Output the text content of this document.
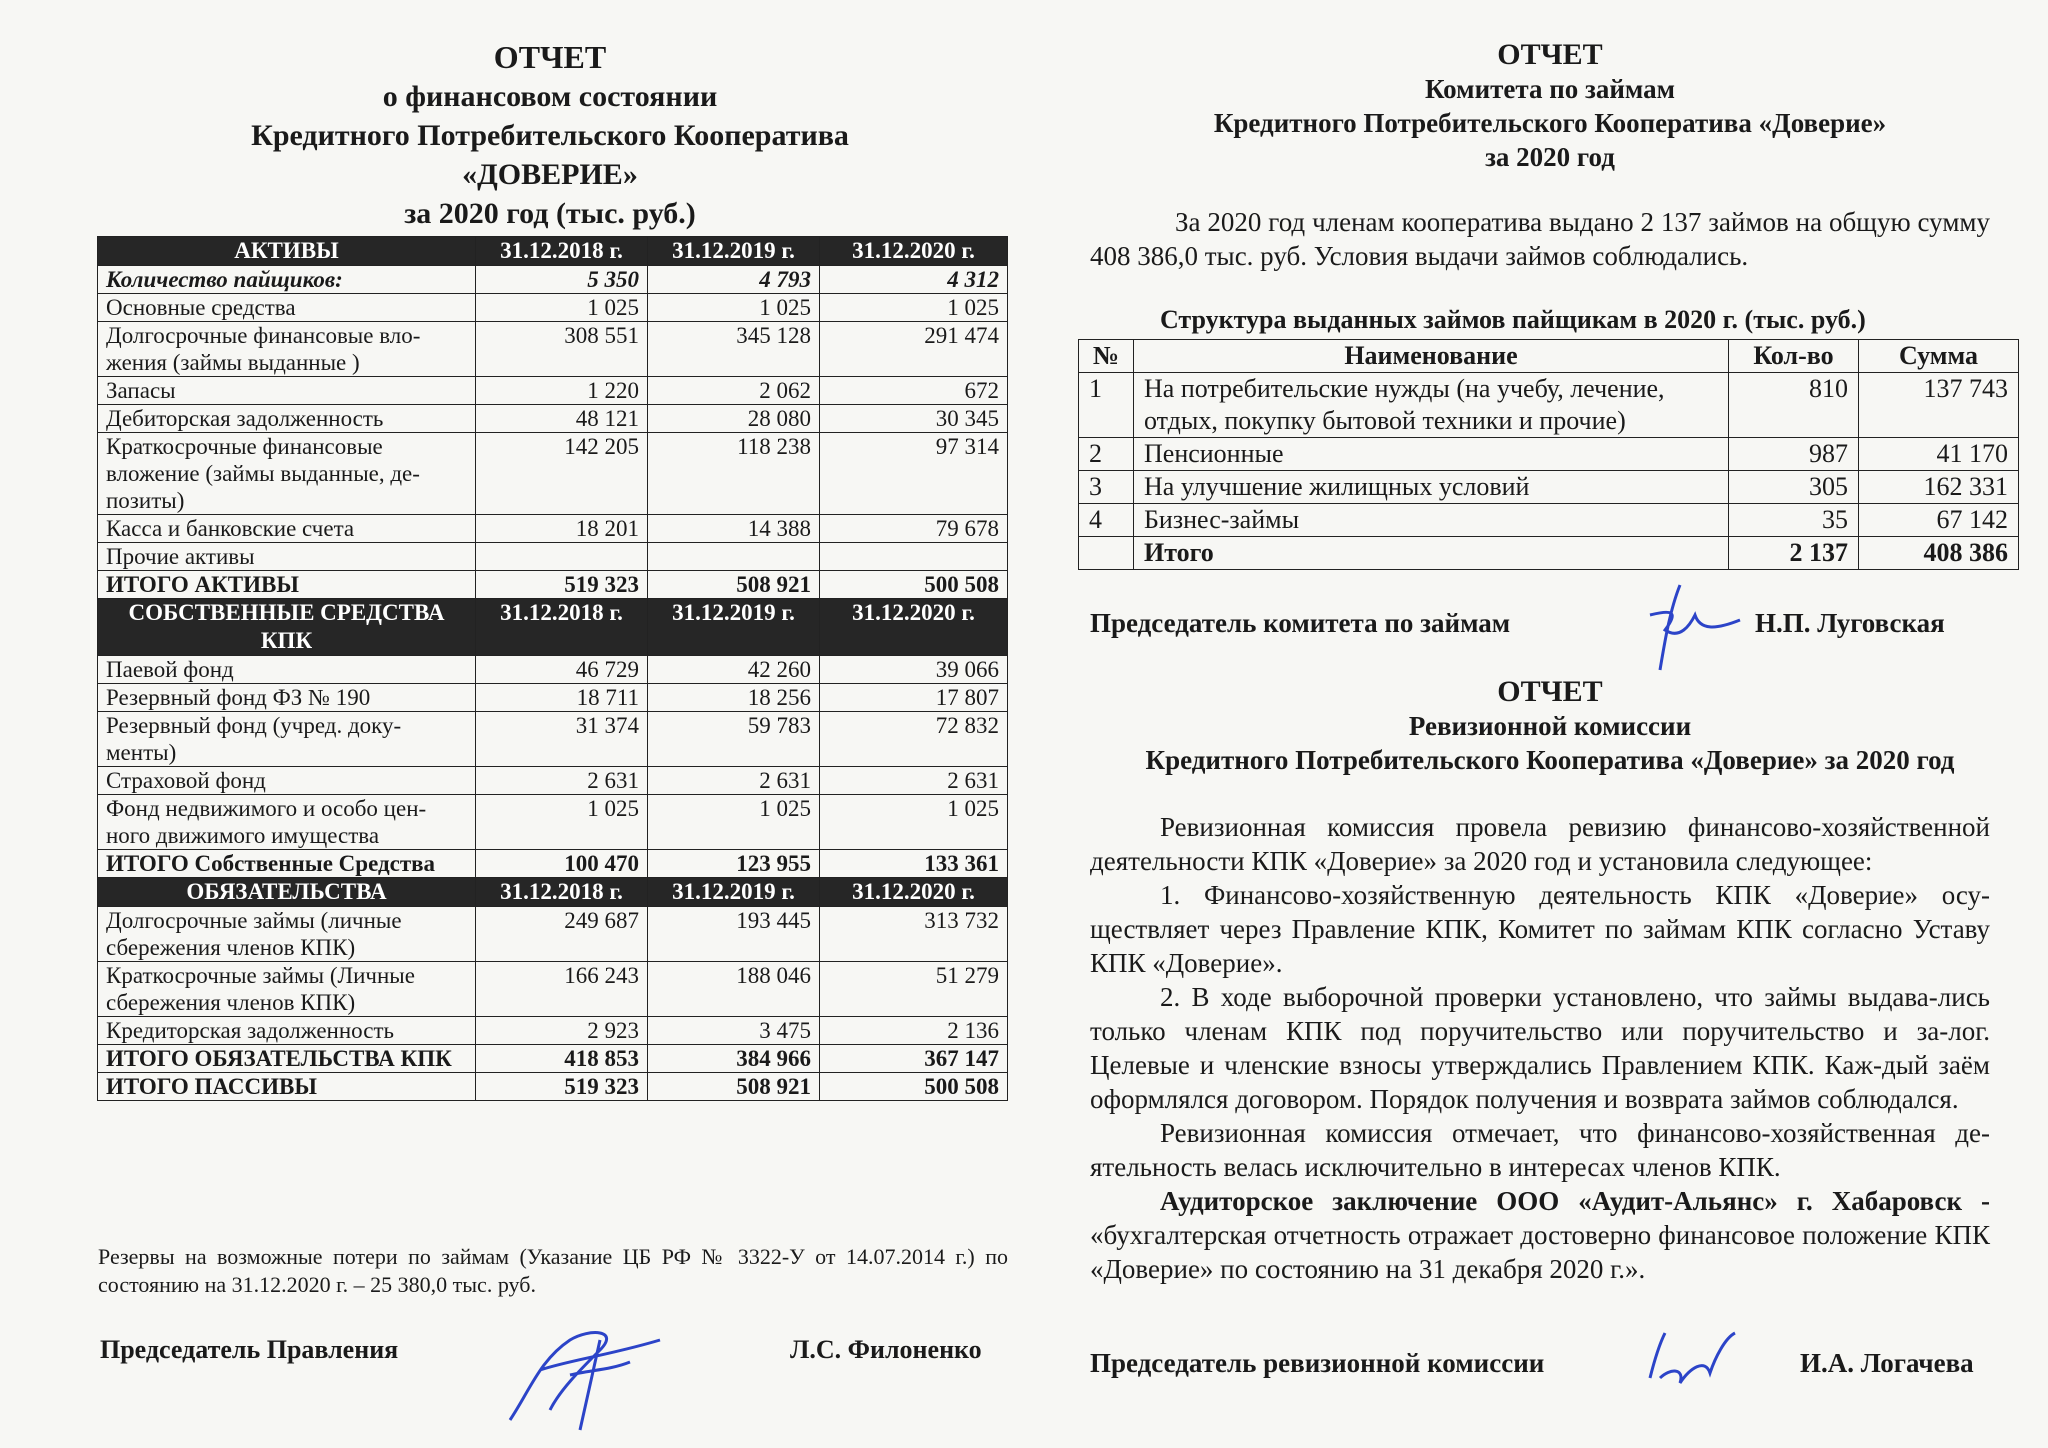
ОТЧЕТ
о финансовом состоянии
Кредитного Потребительского Кооператива
«ДОВЕРИЕ»
за 2020 год (тыс. руб.)
АКТИВЫ	31.12.2018 г.	31.12.2019 г.	31.12.2020 г.
Количество пайщиков:	5 350	4 793	4 312
Основные средства	1 025	1 025	1 025
Долгосрочные финансовые вло-жения (займы выданные )	308 551	345 128	291 474
Запасы	1 220	2 062	672
Дебиторская задолженность	48 121	28 080	30 345
Краткосрочные финансовые вложение (займы выданные, де-позиты)	142 205	118 238	97 314
Касса и банковские счета	18 201	14 388	79 678
Прочие активы			
ИТОГО АКТИВЫ	519 323	508 921	500 508
СОБСТВЕННЫЕ СРЕДСТВА КПК	31.12.2018 г.	31.12.2019 г.	31.12.2020 г.
Паевой фонд	46 729	42 260	39 066
Резервный фонд ФЗ № 190	18 711	18 256	17 807
Резервный фонд (учред. доку-менты)	31 374	59 783	72 832
Страховой фонд	2 631	2 631	2 631
Фонд недвижимого и особо цен-ного движимого имущества	1 025	1 025	1 025
ИТОГО Собственные Средства	100 470	123 955	133 361
ОБЯЗАТЕЛЬСТВА	31.12.2018 г.	31.12.2019 г.	31.12.2020 г.
Долгосрочные займы (личные сбережения членов КПК)	249 687	193 445	313 732
Краткосрочные займы (Личные сбережения членов КПК)	166 243	188 046	51 279
Кредиторская задолженность	2 923	3 475	2 136
ИТОГО ОБЯЗАТЕЛЬСТВА КПК	418 853	384 966	367 147
ИТОГО ПАССИВЫ	519 323	508 921	500 508
Резервы на возможные потери по займам (Указание ЦБ РФ № 3322-У от 14.07.2014 г.) по состоянию на 31.12.2020 г. – 25 380,0 тыс. руб.
Председатель Правления	Л.С. Филоненко
ОТЧЕТ
Комитета по займам
Кредитного Потребительского Кооператива «Доверие»
за 2020 год
За 2020 год членам кооператива выдано 2 137 займов на общую сумму 408 386,0 тыс. руб. Условия выдачи займов соблюдались.
Структура выданных займов пайщикам в 2020 г. (тыс. руб.)
№	Наименование	Кол-во	Сумма
1	На потребительские нужды (на учебу, лечение, отдых, покупку бытовой техники и прочие)	810	137 743
2	Пенсионные	987	41 170
3	На улучшение жилищных условий	305	162 331
4	Бизнес-займы	35	67 142
	Итого	2 137	408 386
Председатель комитета по займам	Н.П. Луговская
ОТЧЕТ
Ревизионной комиссии
Кредитного Потребительского Кооператива «Доверие» за 2020 год
Ревизионная комиссия провела ревизию финансово-хозяйственной деятельности КПК «Доверие» за 2020 год и установила следующее:
1. Финансово-хозяйственную деятельность КПК «Доверие» осу-ществляет через Правление КПК, Комитет по займам КПК согласно Уставу КПК «Доверие».
2. В ходе выборочной проверки установлено, что займы выдава-лись только членам КПК под поручительство или поручительство и за-лог. Целевые и членские взносы утверждались Правлением КПК. Каж-дый заём оформлялся договором. Порядок получения и возврата займов соблюдался.
Ревизионная комиссия отмечает, что финансово-хозяйственная де-ятельность велась исключительно в интересах членов КПК.
Аудиторское заключение ООО «Аудит-Альянс» г. Хабаровск - «бухгалтерская отчетность отражает достоверно финансовое положение КПК «Доверие» по состоянию на 31 декабря 2020 г.».
Председатель ревизионной комиссии	И.А. Логачева
